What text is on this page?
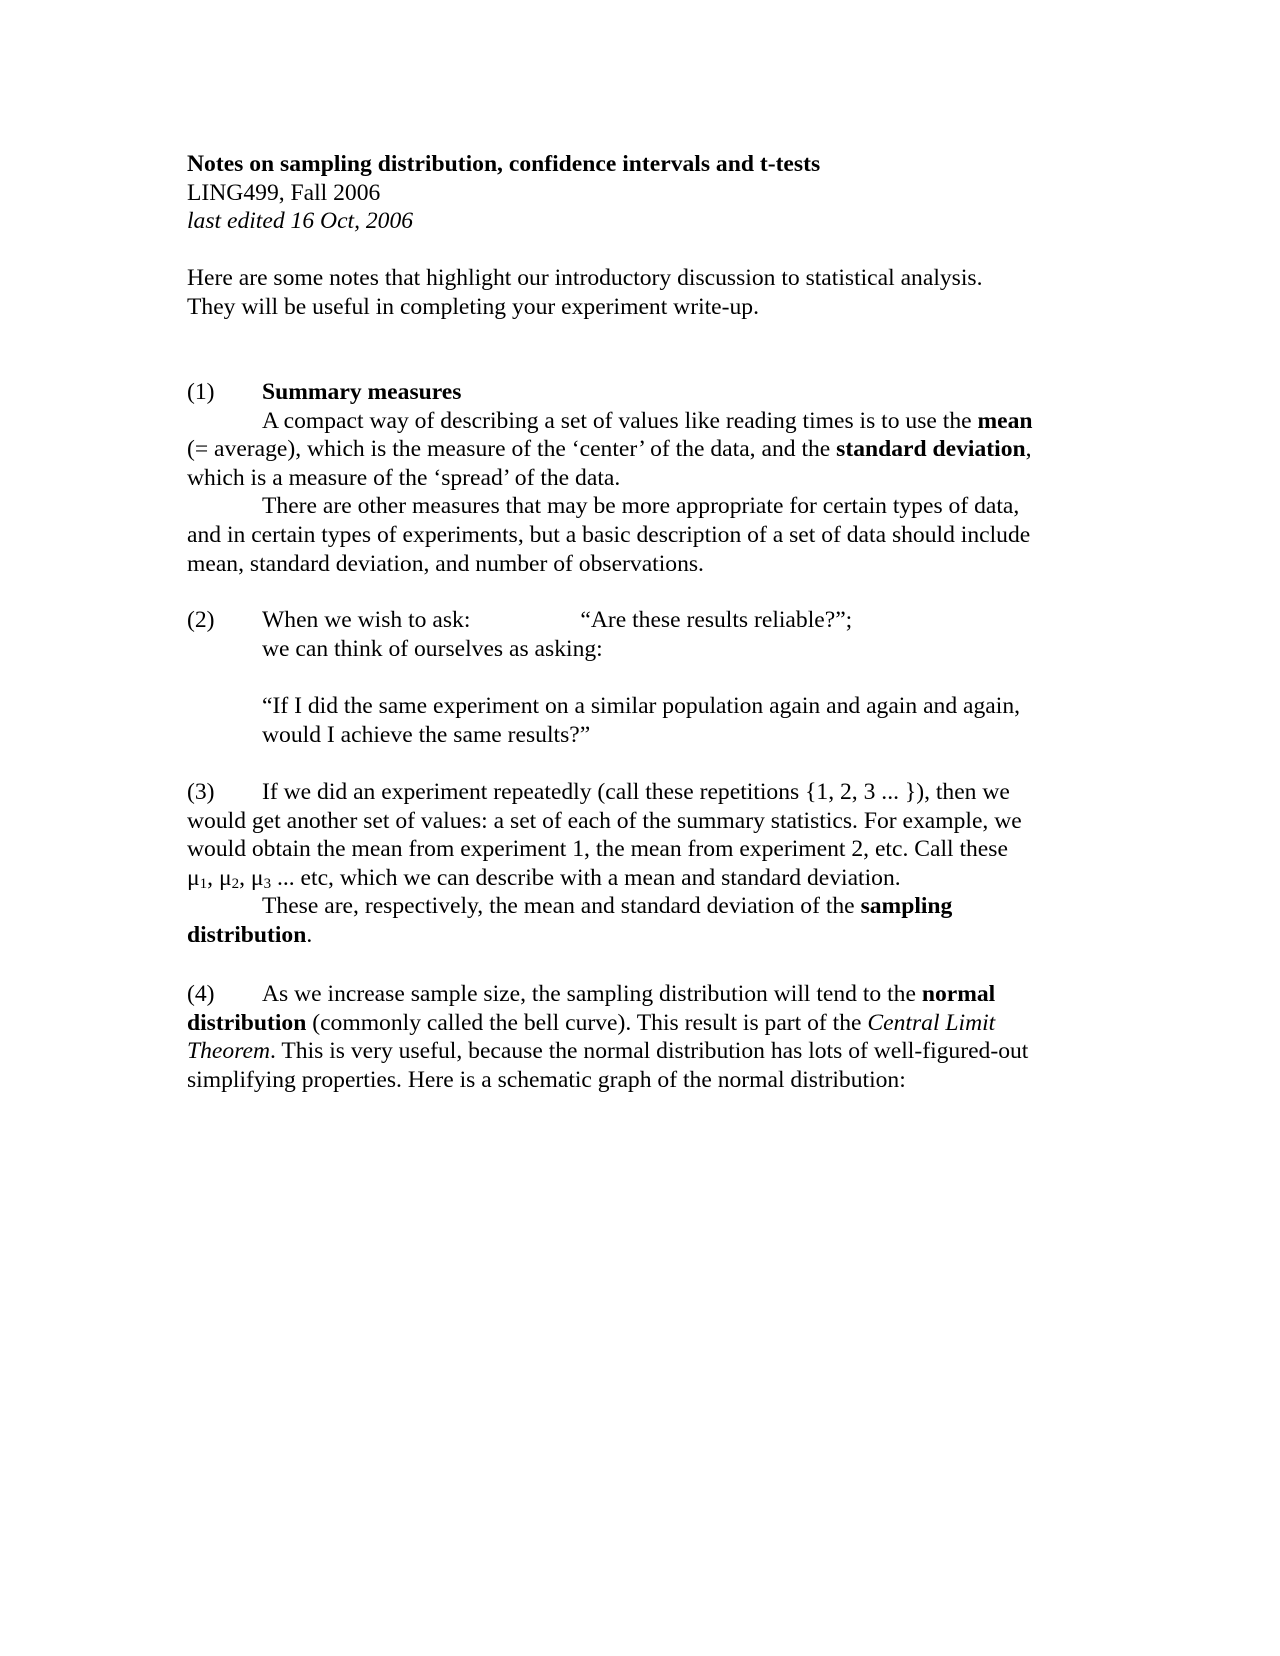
Notes on sampling distribution, confidence intervals and t-tests
LING499, Fall 2006
last edited 16 Oct, 2006
Here are some notes that highlight our introductory discussion to statistical analysis.
They will be useful in completing your experiment write-up.
(1) Summary measures
A compact way of describing a set of values like reading times is to use the mean
(= average), which is the measure of the ‘center’ of the data, and the standard deviation,
which is a measure of the ‘spread’ of the data.
There are other measures that may be more appropriate for certain types of data,
and in certain types of experiments, but a basic description of a set of data should include
mean, standard deviation, and number of observations.
(2) When we wish to ask:	“Are these results reliable?”;
we can think of ourselves as asking:
“If I did the same experiment on a similar population again and again and again,
would I achieve the same results?”
(3) If we did an experiment repeatedly (call these repetitions {1, 2, 3 ... }), then we
would get another set of values: a set of each of the summary statistics. For example, we
would obtain the mean from experiment 1, the mean from experiment 2, etc. Call these
$\mu_1$, $\mu_2$, $\mu_3$ ... etc, which we can describe with a mean and standard deviation.
These are, respectively, the mean and standard deviation of the sampling
distribution.
(4) As we increase sample size, the sampling distribution will tend to the normal
distribution (commonly called the bell curve). This result is part of the Central Limit
Theorem. This is very useful, because the normal distribution has lots of well-figured-out
simplifying properties. Here is a schematic graph of the normal distribution:
